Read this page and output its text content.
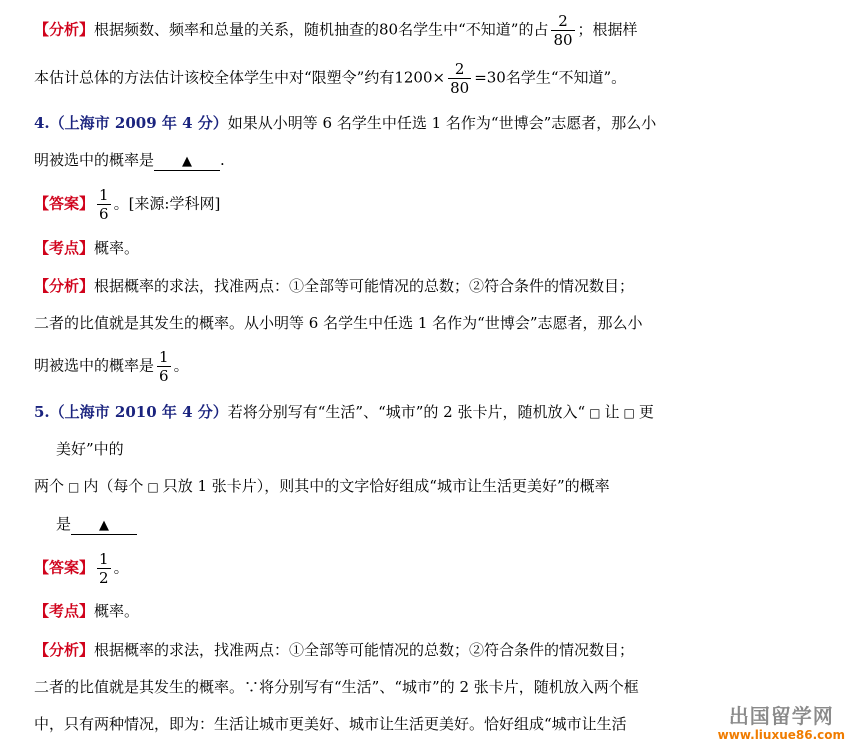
【分析】根据频数、频率和总量的关系，随机抽查的80名学生中“不知道”的占 $\frac{2}{80}$ ；根据样
本估计总体的方法估计该校全体学生中对“限塑令”约有$1200\times \frac{2}{80} =30$名学生“不知道”。
4.（上海市 2009 年 4 分）如果从小明等 6 名学生中任选 1 名作为“世博会”志愿者，那么小
明被选中的概率是 ▲ .
【答案】 $\frac{1}{6}$ 。[来源:学科网]
【考点】概率。
【分析】根据概率的求法，找准两点：①全部等可能情况的总数；②符合条件的情况数目；
二者的比值就是其发生的概率。从小明等 6 名学生中任选 1 名作为“世博会”志愿者，那么小
明被选中的概率是 $\frac{1}{6}$ 。
5.（上海市 2010 年 4 分）若将分别写有“生活”、“城市”的 2 张卡片，随机放入“ □ 让 □ 更
美好”中的
两个 □ 内（每个 □ 只放 1 张卡片），则其中的文字恰好组成“城市让生活更美好”的概率
是 ▲
【答案】 $\frac{1}{2}$ 。
【考点】概率。
【分析】根据概率的求法，找准两点：①全部等可能情况的总数；②符合条件的情况数目；
二者的比值就是其发生的概率。∵将分别写有“生活”、“城市”的 2 张卡片，随机放入两个框
中，只有两种情况，即为：生活让城市更美好、城市让生活更美好。恰好组成“城市让生活	出国留学网
www.liuxue86.com
